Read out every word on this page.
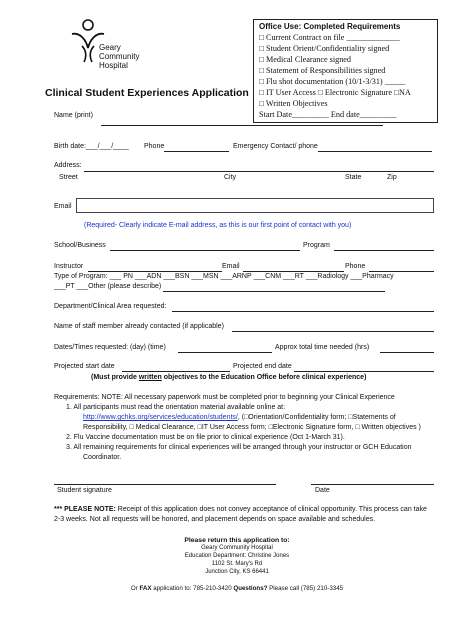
Geary
Community
Hospital
Office Use: Completed Requirements
□ Current Contract on file _____________
□ Student Orient/Confidentiality signed
□ Medical Clearance signed
□ Statement of Responsibilities signed
□ Flu shot documentation (10/1-3/31) _____
□ IT User Access □ Electronic Signature □NA
□ Written Objectives
Start Date_________ End date_________
Clinical Student Experiences Application
Name (print)
Birth date:___/___/____ Phone	Emergency Contact/ phone
Address:
Street	City	State	Zip
Email
(Required- Clearly indicate E-mail address, as this is our first point of contact with you)
School/Business	Program
Instructor	Email	Phone
Type of Program: ___ PN ___ADN ___BSN ___MSN ___ARNP ___CNM ___RT ___Radiology ___Pharmacy
___PT ___Other (please describe)
Department/Clinical Area requested:
Name of staff member already contacted (if applicable)
Dates/Times requested: (day) (time)	Approx total time needed (hrs)
Projected start date	Projected end date
(Must provide written objectives to the Education Office before clinical experience)
Requirements: NOTE: All necessary paperwork must be completed prior to beginning your Clinical Experience
1. All participants must read the orientation material available online at:
http://www.gchks.org/services/education/students/, (□Orientation/Confidentiality form; □Statements of
Responsibility, □ Medical Clearance, □IT User Access form; □Electronic Signature form, □ Written objectives )
2. Flu Vaccine documentation must be on file prior to clinical experience (Oct 1-March 31).
3. All remaining requirements for clinical experiences will be arranged through your instructor or GCH Education
Coordinator.
Student signature	Date
*** PLEASE NOTE: Receipt of this application does not convey acceptance of clinical opportunity. This process can take
2-3 weeks. Not all requests will be honored, and placement depends on space available and schedules.
Please return this application to:
Geary Community Hospital
Education Department: Christine Jones
1102 St. Mary's Rd
Junction City, KS 66441
Or FAX application to: 785-210-3420 Questions? Please call (785) 210-3345
